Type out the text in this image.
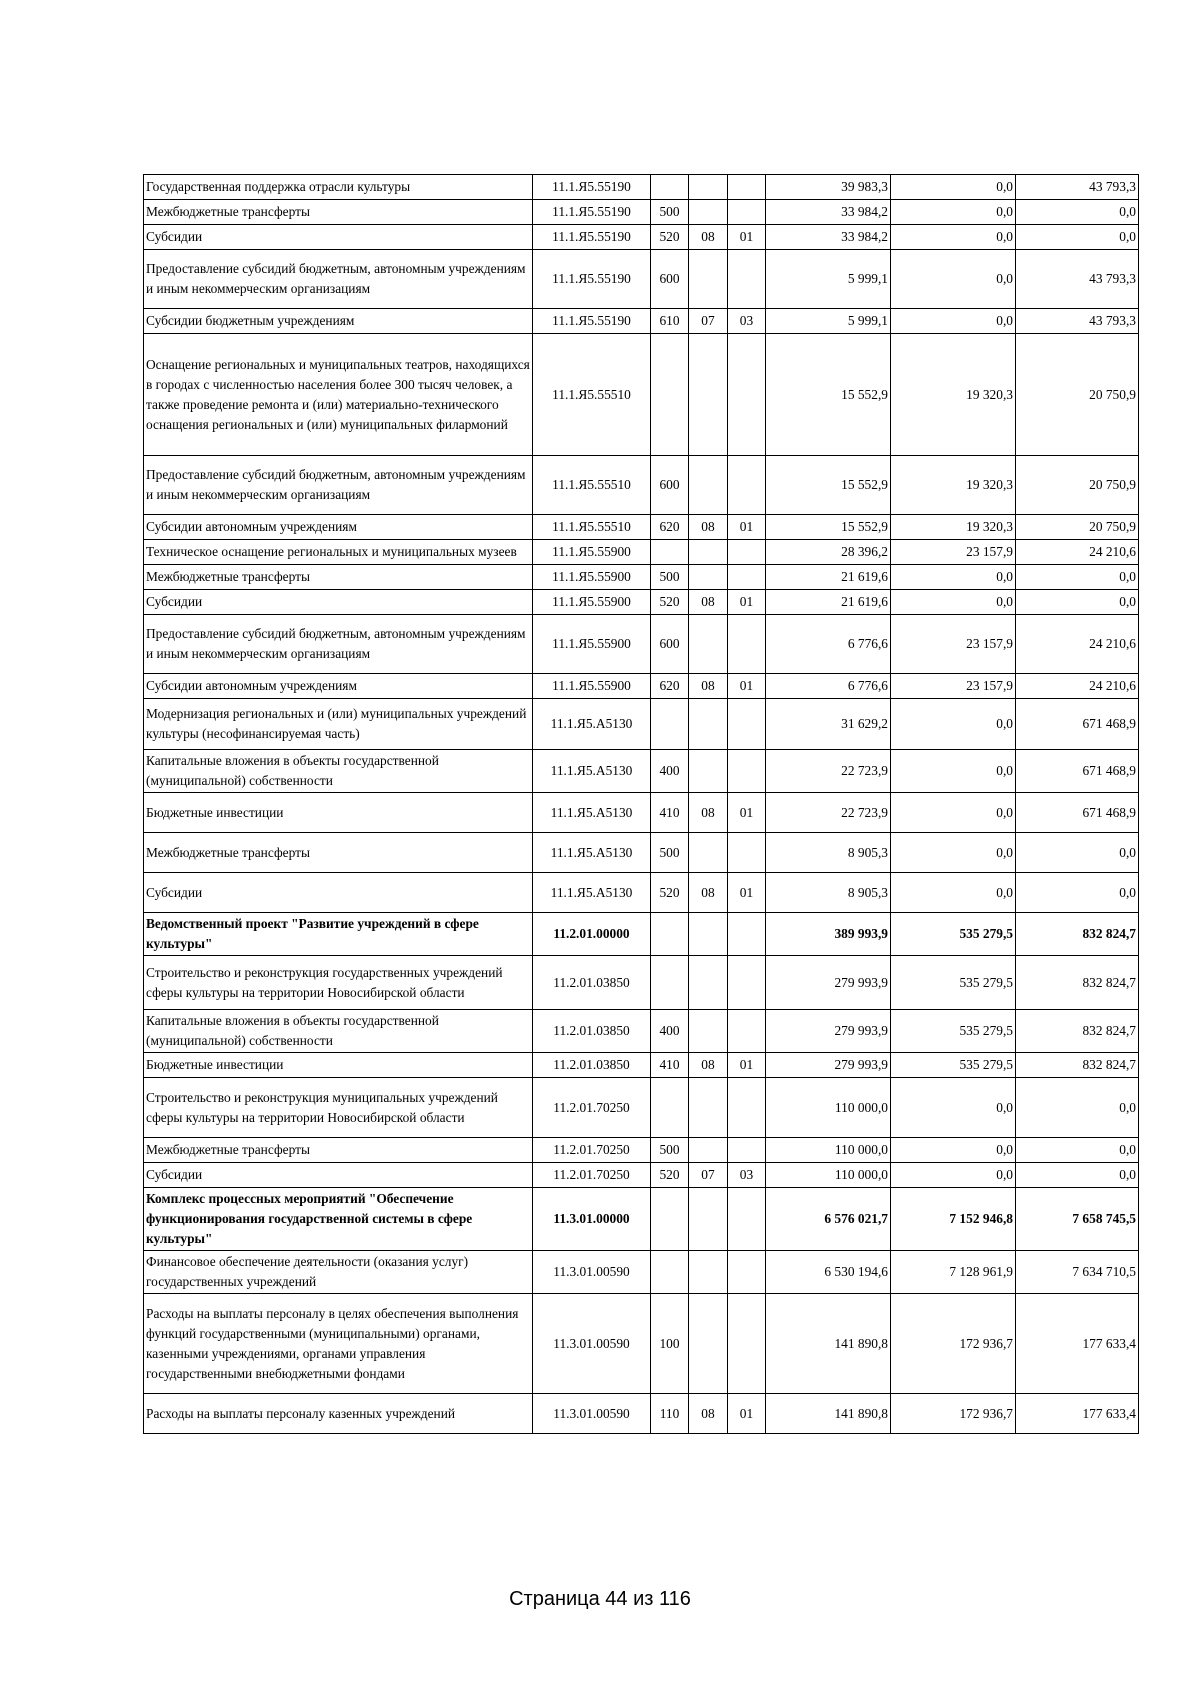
Государственная поддержка отрасли культуры	11.1.Я5.55190				39 983,3	0,0	43 793,3
Межбюджетные трансферты	11.1.Я5.55190	500			33 984,2	0,0	0,0
Субсидии	11.1.Я5.55190	520	08	01	33 984,2	0,0	0,0
Предоставление субсидий бюджетным, автономным учреждениям и иным некоммерческим организациям	11.1.Я5.55190	600			5 999,1	0,0	43 793,3
Субсидии бюджетным учреждениям	11.1.Я5.55190	610	07	03	5 999,1	0,0	43 793,3
Оснащение региональных и муниципальных театров, находящихся в городах с численностью населения более 300 тысяч человек, а также проведение ремонта и (или) материально-технического оснащения региональных и (или) муниципальных филармоний	11.1.Я5.55510				15 552,9	19 320,3	20 750,9
Предоставление субсидий бюджетным, автономным учреждениям и иным некоммерческим организациям	11.1.Я5.55510	600			15 552,9	19 320,3	20 750,9
Субсидии автономным учреждениям	11.1.Я5.55510	620	08	01	15 552,9	19 320,3	20 750,9
Техническое оснащение региональных и муниципальных музеев	11.1.Я5.55900				28 396,2	23 157,9	24 210,6
Межбюджетные трансферты	11.1.Я5.55900	500			21 619,6	0,0	0,0
Субсидии	11.1.Я5.55900	520	08	01	21 619,6	0,0	0,0
Предоставление субсидий бюджетным, автономным учреждениям и иным некоммерческим организациям	11.1.Я5.55900	600			6 776,6	23 157,9	24 210,6
Субсидии автономным учреждениям	11.1.Я5.55900	620	08	01	6 776,6	23 157,9	24 210,6
Модернизация региональных и (или) муниципальных учреждений культуры (несофинансируемая часть)	11.1.Я5.А5130				31 629,2	0,0	671 468,9
Капитальные вложения в объекты государственной (муниципальной) собственности	11.1.Я5.А5130	400			22 723,9	0,0	671 468,9
Бюджетные инвестиции	11.1.Я5.А5130	410	08	01	22 723,9	0,0	671 468,9
Межбюджетные трансферты	11.1.Я5.А5130	500			8 905,3	0,0	0,0
Субсидии	11.1.Я5.А5130	520	08	01	8 905,3	0,0	0,0
Ведомственный проект "Развитие учреждений в сфере культуры"	11.2.01.00000				389 993,9	535 279,5	832 824,7
Строительство и реконструкция государственных учреждений сферы культуры на территории Новосибирской области	11.2.01.03850				279 993,9	535 279,5	832 824,7
Капитальные вложения в объекты государственной (муниципальной) собственности	11.2.01.03850	400			279 993,9	535 279,5	832 824,7
Бюджетные инвестиции	11.2.01.03850	410	08	01	279 993,9	535 279,5	832 824,7
Строительство и реконструкция муниципальных учреждений сферы культуры на территории Новосибирской области	11.2.01.70250				110 000,0	0,0	0,0
Межбюджетные трансферты	11.2.01.70250	500			110 000,0	0,0	0,0
Субсидии	11.2.01.70250	520	07	03	110 000,0	0,0	0,0
Комплекс процессных мероприятий "Обеспечение функционирования государственной системы в сфере культуры"	11.3.01.00000				6 576 021,7	7 152 946,8	7 658 745,5
Финансовое обеспечение деятельности (оказания услуг) государственных учреждений	11.3.01.00590				6 530 194,6	7 128 961,9	7 634 710,5
Расходы на выплаты персоналу в целях обеспечения выполнения функций государственными (муниципальными) органами, казенными учреждениями, органами управления государственными внебюджетными фондами	11.3.01.00590	100			141 890,8	172 936,7	177 633,4
Расходы на выплаты персоналу казенных учреждений	11.3.01.00590	110	08	01	141 890,8	172 936,7	177 633,4
Страница 44 из 116
